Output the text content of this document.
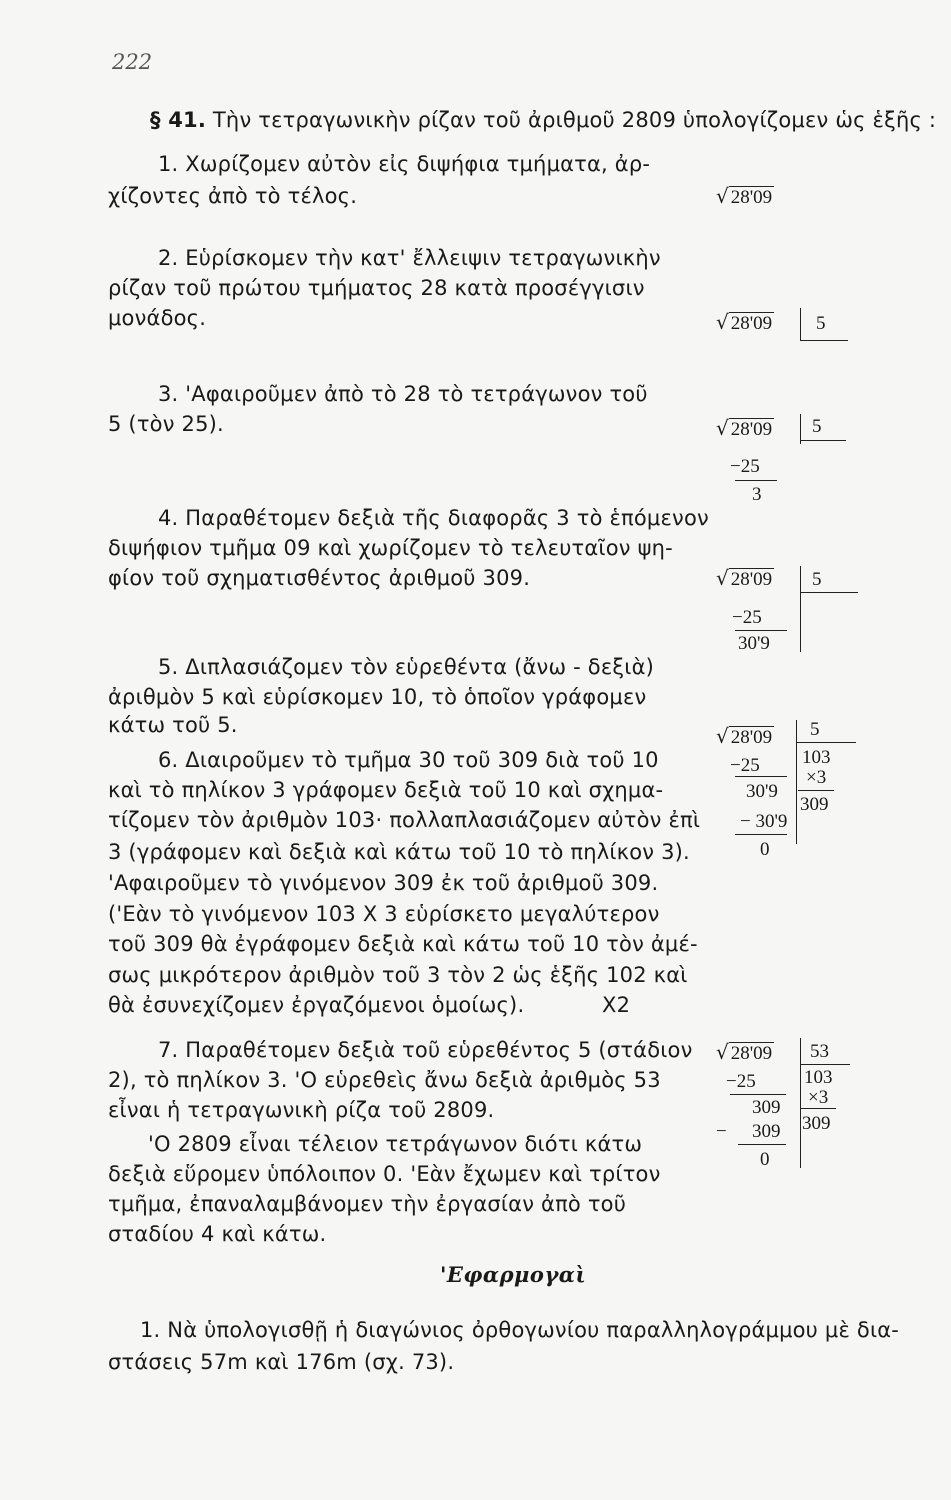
222
§ 41. Τὴν τετραγωνικὴν ρίζαν τοῦ ἀριθμοῦ 2809 ὑπολογίζομεν ὡς ἑξῆς :
1. Χωρίζομεν αὐτὸν εἰς διψήφια τμήματα, ἀρ-
χίζοντες ἀπὸ τὸ τέλος.
2. Εὑρίσκομεν τὴν κατ' ἔλλειψιν τετραγωνικὴν
ρίζαν τοῦ πρώτου τμήματος 28 κατὰ προσέγγισιν
μονάδος.
3. 'Αφαιροῦμεν ἀπὸ τὸ 28 τὸ τετράγωνον τοῦ
5 (τὸν 25).
4. Παραθέτομεν δεξιὰ τῆς διαφορᾶς 3 τὸ ἑπόμενον
διψήφιον τμῆμα 09 καὶ χωρίζομεν τὸ τελευταῖον ψη-
φίον τοῦ σχηματισθέντος ἀριθμοῦ 309.
5. Διπλασιάζομεν τὸν εὑρεθέντα (ἄνω - δεξιὰ)
ἀριθμὸν 5 καὶ εὑρίσκομεν 10, τὸ ὁποῖον γράφομεν
κάτω τοῦ 5.
6. Διαιροῦμεν τὸ τμῆμα 30 τοῦ 309 διὰ τοῦ 10
καὶ τὸ πηλίκον 3 γράφομεν δεξιὰ τοῦ 10 καὶ σχημα-
τίζομεν τὸν ἀριθμὸν 103· πολλαπλασιάζομεν αὐτὸν ἐπὶ
3 (γράφομεν καὶ δεξιὰ καὶ κάτω τοῦ 10 τὸ πηλίκον 3).
'Αφαιροῦμεν τὸ γινόμενον 309 ἐκ τοῦ ἀριθμοῦ 309.
('Εὰν τὸ γινόμενον 103 Χ 3 εὑρίσκετο μεγαλύτερον
τοῦ 309 θὰ ἐγράφομεν δεξιὰ καὶ κάτω τοῦ 10 τὸν ἀμέ-
σως μικρότερον ἀριθμὸν τοῦ 3 τὸν 2 ὡς ἑξῆς 102 καὶ
θὰ ἐσυνεχίζομεν ἐργαζόμενοι ὁμοίως).	Χ2
7. Παραθέτομεν δεξιὰ τοῦ εὑρεθέντος 5 (στάδιον
2), τὸ πηλίκον 3. 'Ο εὑρεθεὶς ἄνω δεξιὰ ἀριθμὸς 53
εἶναι ἡ τετραγωνικὴ ρίζα τοῦ 2809.
'Ο 2809 εἶναι τέλειον τετράγωνον διότι κάτω
δεξιὰ εὕρομεν ὑπόλοιπον 0. 'Εὰν ἔχωμεν καὶ τρίτον
τμῆμα, ἐπαναλαμβάνομεν τὴν ἐργασίαν ἀπὸ τοῦ
σταδίου 4 καὶ κάτω.
'Εφαρμογαὶ
1. Νὰ ὑπολογισθῇ ἡ διαγώνιος ὀρθογωνίου παραλληλογράμμου μὲ δια-
στάσεις 57m καὶ 176m (σχ. 73).
√ 28'09
√ 28'09 5
√ 28'09 5
−25
3
√ 28'09 5
−25
30'9
√ 28'09 5
103
×3
309
−25
30'9
− 30'9
0
√ 28'09 53
103
×3
309
−25
309
− 309
0
